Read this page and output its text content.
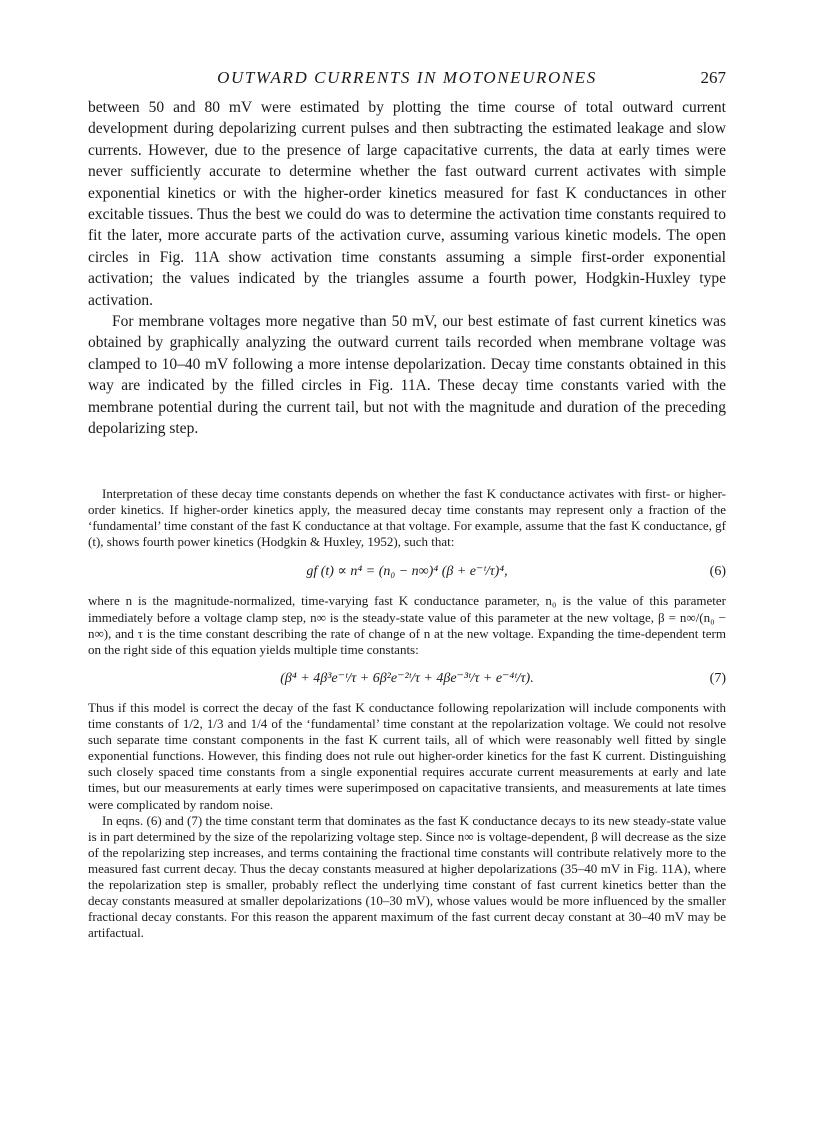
OUTWARD CURRENTS IN MOTONEURONES	267

between 50 and 80 mV were estimated by plotting the time course of total outward current development during depolarizing current pulses and then subtracting the estimated leakage and slow currents. However, due to the presence of large capacitative currents, the data at early times were never sufficiently accurate to determine whether the fast outward current activates with simple exponential kinetics or with the higher-order kinetics measured for fast K conductances in other excitable tissues. Thus the best we could do was to determine the activation time constants required to fit the later, more accurate parts of the activation curve, assuming various kinetic models. The open circles in Fig. 11A show activation time constants assuming a simple first-order exponential activation; the values indicated by the triangles assume a fourth power, Hodgkin-Huxley type activation.

For membrane voltages more negative than 50 mV, our best estimate of fast current kinetics was obtained by graphically analyzing the outward current tails recorded when membrane voltage was clamped to 10–40 mV following a more intense depolarization. Decay time constants obtained in this way are indicated by the filled circles in Fig. 11A. These decay time constants varied with the membrane potential during the current tail, but not with the magnitude and duration of the preceding depolarizing step.

Interpretation of these decay time constants depends on whether the fast K conductance activates with first- or higher-order kinetics. If higher-order kinetics apply, the measured decay time constants may represent only a fraction of the ‘fundamental’ time constant of the fast K conductance at that voltage. For example, assume that the fast K conductance, gf (t), shows fourth power kinetics (Hodgkin & Huxley, 1952), such that:

gf (t) ∝ n⁴ = (n₀ − n∞)⁴ (β + e⁻ᵗ/τ)⁴,	(6)

where n is the magnitude-normalized, time-varying fast K conductance parameter, n₀ is the value of this parameter immediately before a voltage clamp step, n∞ is the steady-state value of this parameter at the new voltage, β = n∞/(n₀ − n∞), and τ is the time constant describing the rate of change of n at the new voltage. Expanding the time-dependent term on the right side of this equation yields multiple time constants:

(β⁴ + 4β³e⁻ᵗ/τ + 6β²e⁻²ᵗ/τ + 4βe⁻³ᵗ/τ + e⁻⁴ᵗ/τ).	(7)

Thus if this model is correct the decay of the fast K conductance following repolarization will include components with time constants of 1/2, 1/3 and 1/4 of the ‘fundamental’ time constant at the repolarization voltage. We could not resolve such separate time constant components in the fast K current tails, all of which were reasonably well fitted by single exponential functions. However, this finding does not rule out higher-order kinetics for the fast K current. Distinguishing such closely spaced time constants from a single exponential requires accurate current measurements at early and late times, but our measurements at early times were superimposed on capacitative transients, and measurements at late times were complicated by random noise.

In eqns. (6) and (7) the time constant term that dominates as the fast K conductance decays to its new steady-state value is in part determined by the size of the repolarizing voltage step. Since n∞ is voltage-dependent, β will decrease as the size of the repolarizing step increases, and terms containing the fractional time constants will contribute relatively more to the measured fast current decay. Thus the decay constants measured at higher depolarizations (35–40 mV in Fig. 11A), where the repolarization step is smaller, probably reflect the underlying time constant of fast current kinetics better than the decay constants measured at smaller depolarizations (10–30 mV), whose values would be more influenced by the smaller fractional decay constants. For this reason the apparent maximum of the fast current decay constant at 30–40 mV may be artifactual.
